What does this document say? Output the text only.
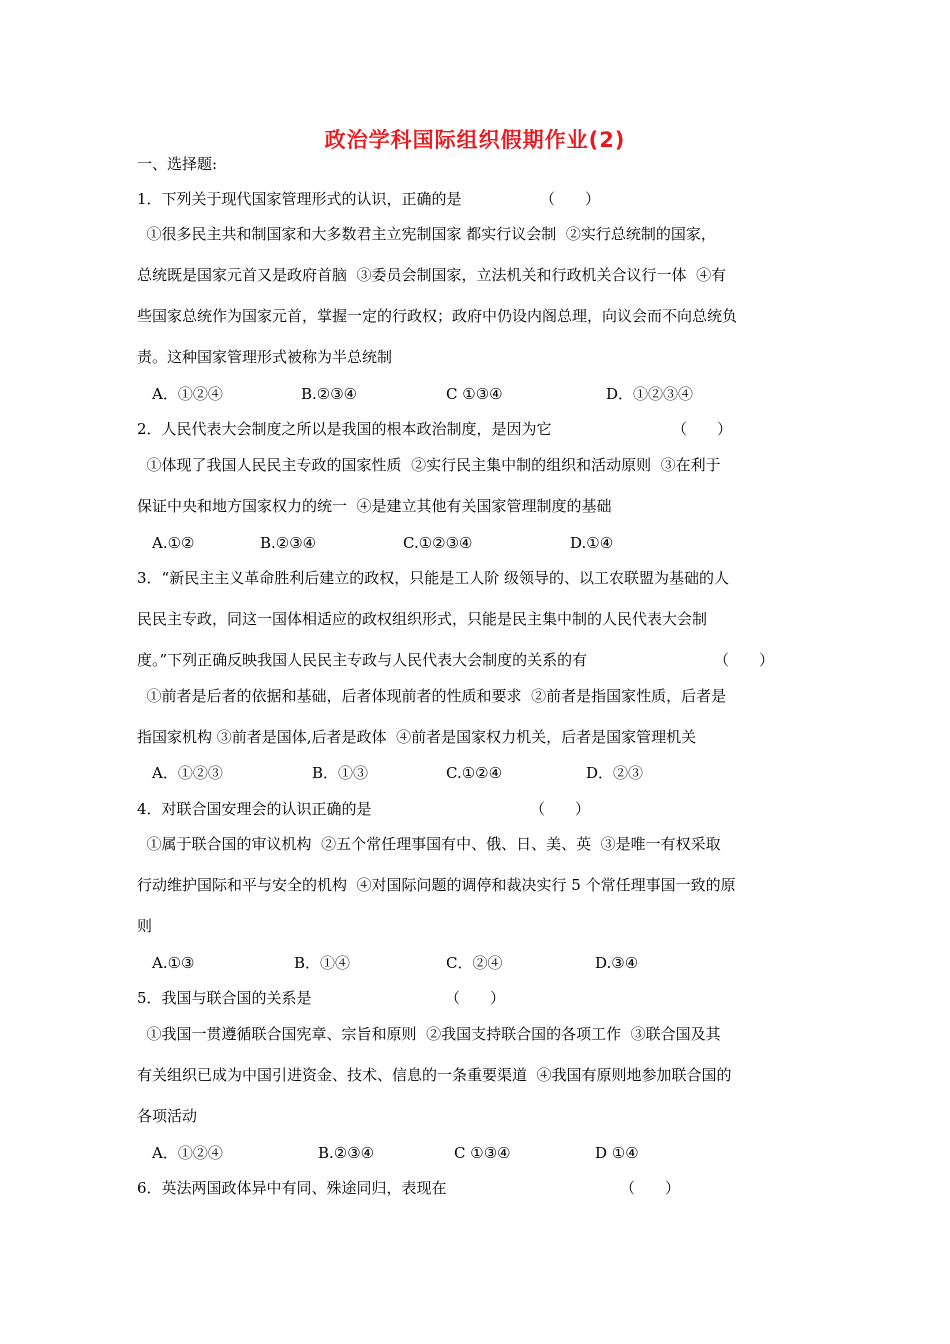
政治学科国际组织假期作业(2)
一、选择题:
1．下列关于现代国家管理形式的认识，正确的是	（　　）
①很多民主共和制国家和大多数君主立宪制国家 都实行议会制  ②实行总统制的国家，
总统既是国家元首又是政府首脑  ③委员会制国家，立法机关和行政机关合议行一体  ④有
些国家总统作为国家元首，掌握一定的行政权；政府中仍设内阁总理，向议会而不向总统负
责。这种国家管理形式被称为半总统制
A．①②④	B.②③④	C ①③④	D．①②③④
2．人民代表大会制度之所以是我国的根本政治制度，是因为它	（　　）
①体现了我国人民民主专政的国家性质  ②实行民主集中制的组织和活动原则  ③在利于
保证中央和地方国家权力的统一  ④是建立其他有关国家管理制度的基础
A.①②	B.②③④	C.①②③④	D.①④
3．“新民主主义革命胜利后建立的政权，只能是工人阶 级领导的、以工农联盟为基础的人
民民主专政，同这一国体相适应的政权组织形式，只能是民主集中制的人民代表大会制
度。”下列正确反映我国人民民主专政与人民代表大会制度的关系的有	（　　）
①前者是后者的依据和基础，后者体现前者的性质和要求  ②前者是指国家性质，后者是
指国家机构 ③前者是国体,后者是政体  ④前者是国家权力机关，后者是国家管理机关
A．①②③	B．①③	C.①②④	D．②③
4．对联合国安理会的认识正确的是	（　　）
①属于联合国的审议机构  ②五个常任理事国有中、俄、日、美、英  ③是唯一有权采取
行动维护国际和平与安全的机构  ④对国际问题的调停和裁决实行 5 个常任理事国一致的原
则
A.①③	B．①④	C．②④	D.③④
5．我国与联合国的关系是	（　　）
①我国一贯遵循联合国宪章、宗旨和原则  ②我国支持联合国的各项工作  ③联合国及其
有关组织已成为中国引进资金、技术、信息的一条重要渠道  ④我国有原则地参加联合国的
各项活动
A．①②④	B.②③④	C ①③④	D ①④
6．英法两国政体异中有同、殊途同归，表现在	（　　）
